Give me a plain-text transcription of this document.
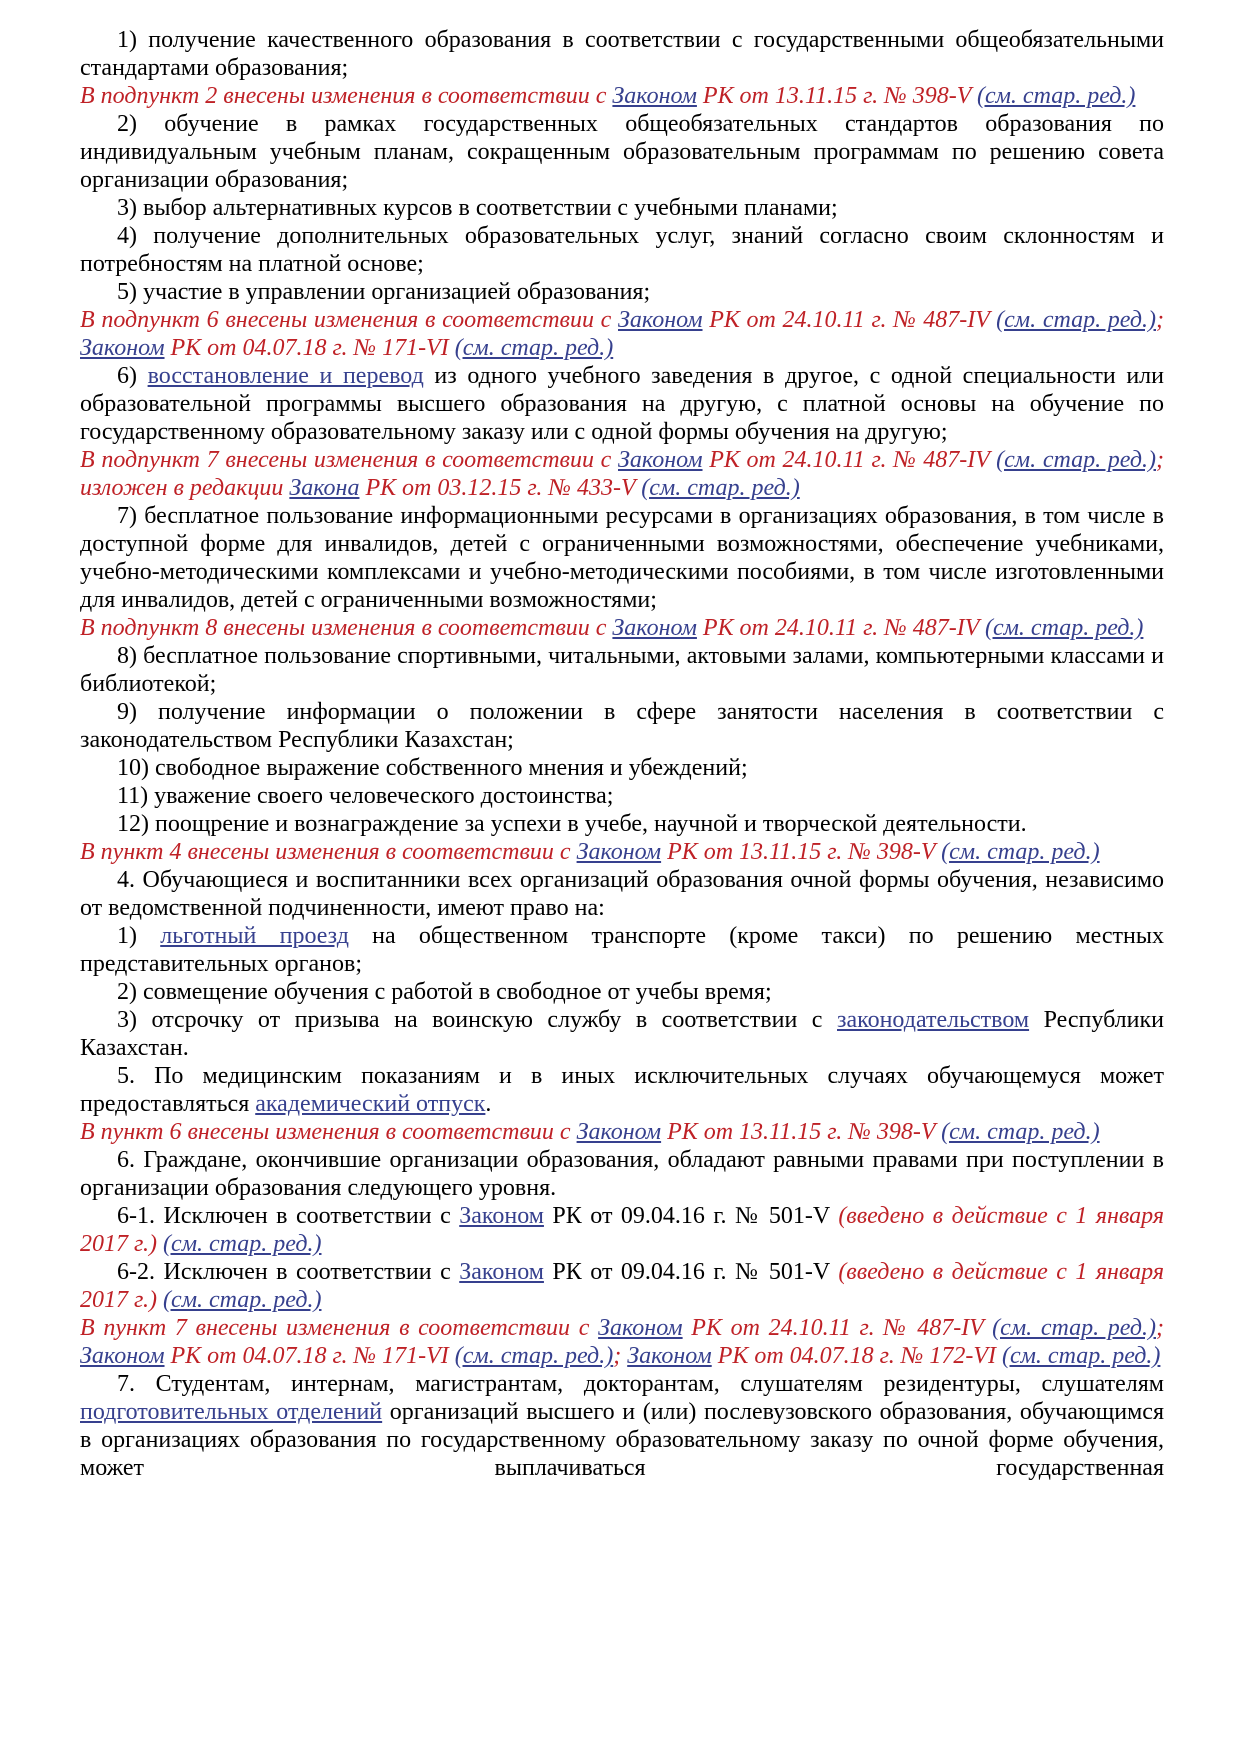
1) получение качественного образования в соответствии с государственными общеобязательными стандартами образования;

В подпункт 2 внесены изменения в соответствии с Законом РК от 13.11.15 г. № 398-V (см. стар. ред.)

2) обучение в рамках государственных общеобязательных стандартов образования по индивидуальным учебным планам, сокращенным образовательным программам по решению совета организации образования;

3) выбор альтернативных курсов в соответствии с учебными планами;

4) получение дополнительных образовательных услуг, знаний согласно своим склонностям и потребностям на платной основе;

5) участие в управлении организацией образования;

В подпункт 6 внесены изменения в соответствии с Законом РК от 24.10.11 г. № 487-IV (см. стар. ред.); Законом РК от 04.07.18 г. № 171-VI (см. стар. ред.)

6) восстановление и перевод из одного учебного заведения в другое, с одной специальности или образовательной программы высшего образования на другую, с платной основы на обучение по государственному образовательному заказу или с одной формы обучения на другую;

В подпункт 7 внесены изменения в соответствии с Законом РК от 24.10.11 г. № 487-IV (см. стар. ред.); изложен в редакции Закона РК от 03.12.15 г. № 433-V (см. стар. ред.)

7) бесплатное пользование информационными ресурсами в организациях образования, в том числе в доступной форме для инвалидов, детей с ограниченными возможностями, обеспечение учебниками, учебно-методическими комплексами и учебно-методическими пособиями, в том числе изготовленными для инвалидов, детей с ограниченными возможностями;

В подпункт 8 внесены изменения в соответствии с Законом РК от 24.10.11 г. № 487-IV (см. стар. ред.)

8) бесплатное пользование спортивными, читальными, актовыми залами, компьютерными классами и библиотекой;

9) получение информации о положении в сфере занятости населения в соответствии с законодательством Республики Казахстан;

10) свободное выражение собственного мнения и убеждений;

11) уважение своего человеческого достоинства;

12) поощрение и вознаграждение за успехи в учебе, научной и творческой деятельности.

В пункт 4 внесены изменения в соответствии с Законом РК от 13.11.15 г. № 398-V (см. стар. ред.)

4. Обучающиеся и воспитанники всех организаций образования очной формы обучения, независимо от ведомственной подчиненности, имеют право на:

1) льготный проезд на общественном транспорте (кроме такси) по решению местных представительных органов;

2) совмещение обучения с работой в свободное от учебы время;

3) отсрочку от призыва на воинскую службу в соответствии с законодательством Республики Казахстан.

5. По медицинским показаниям и в иных исключительных случаях обучающемуся может предоставляться академический отпуск.

В пункт 6 внесены изменения в соответствии с Законом РК от 13.11.15 г. № 398-V (см. стар. ред.)

6. Граждане, окончившие организации образования, обладают равными правами при поступлении в организации образования следующего уровня.

6-1. Исключен в соответствии с Законом РК от 09.04.16 г. № 501-V (введено в действие с 1 января 2017 г.) (см. стар. ред.)

6-2. Исключен в соответствии с Законом РК от 09.04.16 г. № 501-V (введено в действие с 1 января 2017 г.) (см. стар. ред.)

В пункт 7 внесены изменения в соответствии с Законом РК от 24.10.11 г. № 487-IV (см. стар. ред.); Законом РК от 04.07.18 г. № 171-VI (см. стар. ред.); Законом РК от 04.07.18 г. № 172-VI (см. стар. ред.)

7. Студентам, интернам, магистрантам, докторантам, слушателям резидентуры, слушателям подготовительных отделений организаций высшего и (или) послевузовского образования, обучающимся в организациях образования по государственному образовательному заказу по очной форме обучения, может выплачиваться государственная
